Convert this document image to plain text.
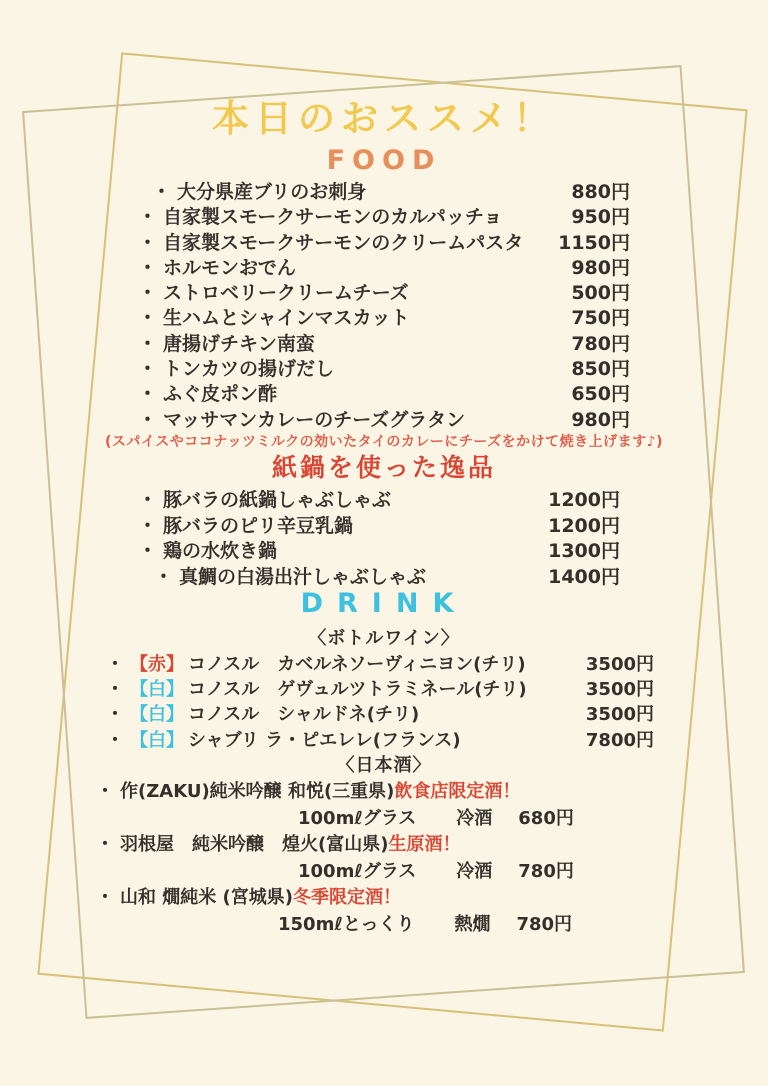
本日のおススメ！
FOOD
・ 大分県産ブリのお刺身	880円
・ 自家製スモークサーモンのカルパッチョ	950円
・ 自家製スモークサーモンのクリームパスタ 1150円
・ ホルモンおでん	980円
・ ストロベリークリームチーズ	500円
・ 生ハムとシャインマスカット	750円
・ 唐揚げチキン南蛮	780円
・ トンカツの揚げだし	850円
・ ふぐ皮ポン酢	650円
・ マッサマンカレーのチーズグラタン	980円
(スパイスやココナッツミルクの効いたタイのカレーにチーズをかけて焼き上げます♪)
紙鍋を使った逸品
・ 豚バラの紙鍋しゃぶしゃぶ	1200円
・ 豚バラのピリ辛豆乳鍋	1200円
・ 鶏の水炊き鍋	1300円
・ 真鯛の白湯出汁しゃぶしゃぶ	1400円
DRINK
〈ボトルワイン〉
・ 【赤】 コノスル　カベルネソーヴィニヨン(チリ)	3500円
・ 【白】 コノスル　ゲヴュルツトラミネール(チリ)	3500円
・ 【白】 コノスル　シャルドネ(チリ)	3500円
・ 【白】 シャブリ ラ・ピエレレ(フランス)	7800円
〈日本酒〉
・ 作(ZAKU)純米吟醸 和悦(三重県)飲食店限定酒！
100mℓグラス 冷酒 680円
・ 羽根屋　純米吟醸　煌火(富山県)生原酒！
100mℓグラス 冷酒 780円
・ 山和 燗純米 (宮城県)冬季限定酒！
150mℓとっくり 熱燗 780円
